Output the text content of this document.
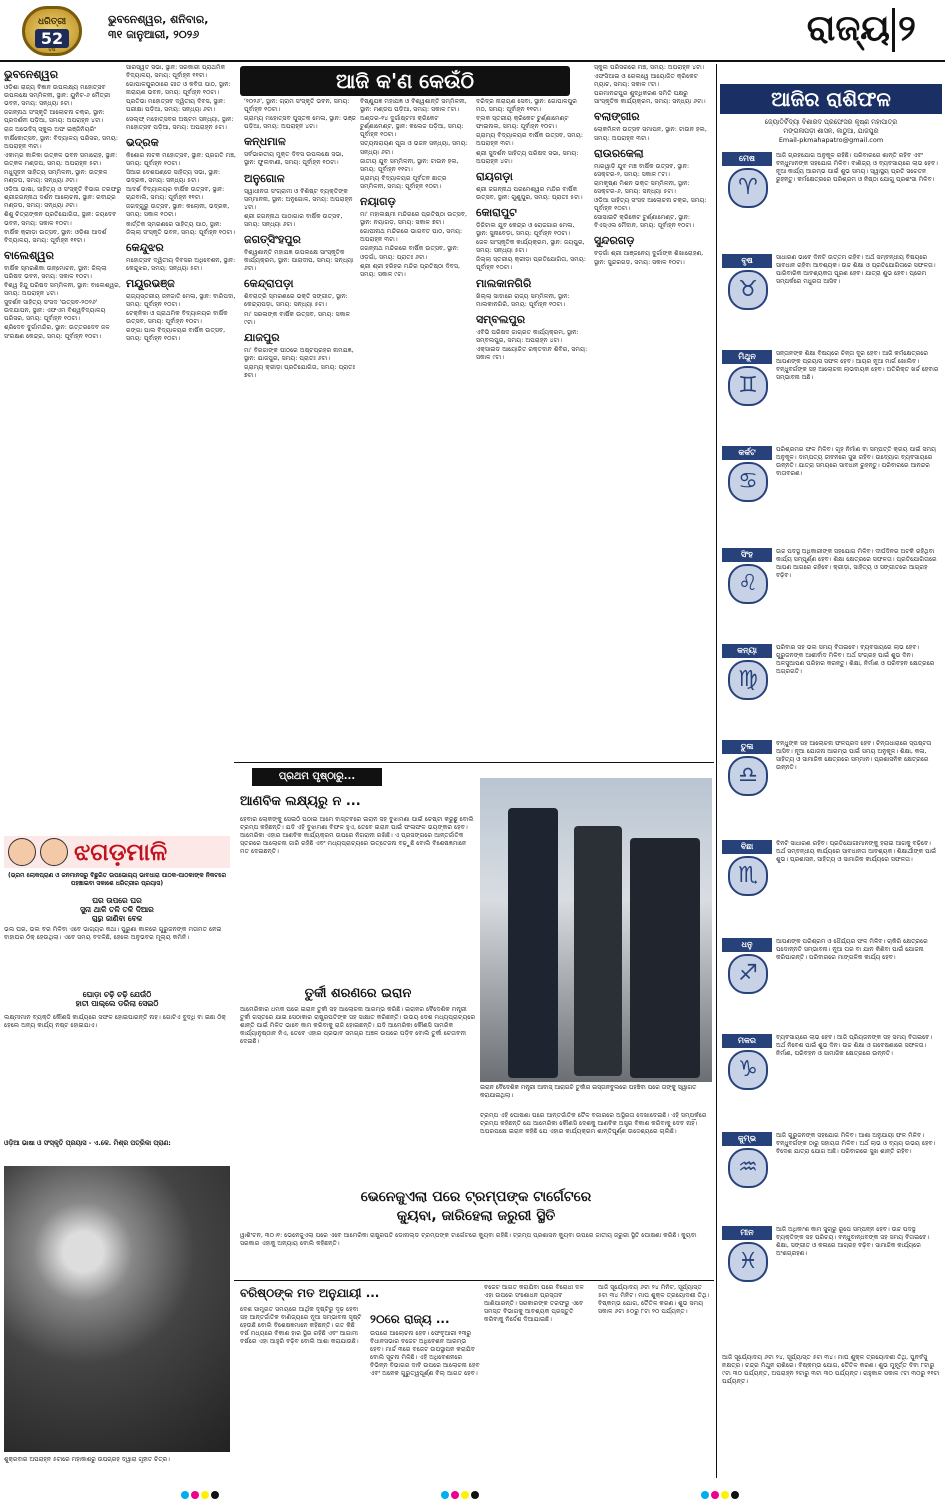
ଧରିତ୍ରୀ
52
ବର୍ଷ
ଭୁବନେଶ୍ୱର, ଶନିବାର,
୩୧ ଜାନୁଆରୀ, ୨୦୨୬	ରାଜ୍ୟ ୨
ଆଜି କ'ଣ କେଉଁଠି
ଭୁବନେଶ୍ୱର

ଓଡ଼ିଶା ରାଜ୍ୟ ବିଜ୍ଞାନ ଉପଲକ୍ଷ୍ୟ ମହୋତ୍ସବ ଉପଲକ୍ଷେ ସମ୍ମିଳନୀ, ସ୍ଥାନ: ୟୁନିଟ-୬ ମୈତ୍ରୀ ଭବନ, ସମୟ: ସନ୍ଧ୍ୟା ୫ଟା।

ଜଗନ୍ନାଥ ସଂସ୍କୃତି ଆଲୋଚନା ଚକ୍ର, ସ୍ଥାନ: ପ୍ରଦର୍ଶନୀ ପଡ଼ିଆ, ସମୟ: ଅପରାହ୍ନ ୪ଟା।

ରାଜ ଅଭେଦିସ୍ ସ୍କୁଲ ଅଫ ଇଞ୍ଜିନିୟରିଂ ବାର୍ଷିକୋତ୍ସବ, ସ୍ଥାନ: ବିଦ୍ୟାଳୟ ପରିସର, ସମୟ: ଅପରାହ୍ନ ୩ଟା।

ଏକାମ୍ର କାଳିକା ଉତ୍କଳ ଭବନ ସମାରୋହ, ସ୍ଥାନ: ଉତ୍କଳ ମଣ୍ଡପ, ସମୟ: ଅପରାହ୍ନ ୫ଟା।

ମଧୁସୂଦନ ସାହିତ୍ୟ ସମ୍ମିଳନୀ, ସ୍ଥାନ: ଉତ୍କଳ ମଣ୍ଡପ, ସମୟ: ସନ୍ଧ୍ୟା ୬ଟା।

ଓଡ଼ିଆ ଭାଷା, ସାହିତ୍ୟ ଓ ସଂସ୍କୃତି ବିଭାଗ ତରଫରୁ ଶ୍ରୀଜଗନ୍ନାଥ ଦର୍ଶନ ଆଲୋଚନା, ସ୍ଥାନ: ରବୀନ୍ଦ୍ର ମଣ୍ଡପ, ସମୟ: ସନ୍ଧ୍ୟା ୬ଟା।

ଶିଶୁ ଚିତ୍ରାଙ୍କନ ପ୍ରତିଯୋଗିତା, ସ୍ଥାନ: ଜୟଦେବ ଭବନ, ସମୟ: ସକାଳ ୧୦ଟା।

ବାର୍ଷିକ କ୍ରୀଡ଼ା ଉତ୍ସବ, ସ୍ଥାନ: ଓଡ଼ିଶା ଆଦର୍ଶ ବିଦ୍ୟାଳୟ, ସମୟ: ପୂର୍ବାହ୍ନ ୧୧ଟା।

ବାଲେଶ୍ୱର

ବାର୍ଷିକ ସ୍ମରଣିକା ଉନ୍ମୋଚନ, ସ୍ଥାନ: ଜିଲ୍ଲା ପରିଷଦ ଭବନ, ସମୟ: ସକାଳ ୧୦ଟା।

ବିଶ୍ୱ ହିନ୍ଦୁ ପରିଷଦ ସମ୍ମିଳନୀ, ସ୍ଥାନ: ବାଲେଶ୍ୱର, ସମୟ: ଅପରାହ୍ନ ୪ଟା।

ସୁଦର୍ଶନ ସାହିତ୍ୟ ସଂସଦ 'ଉତ୍ସବ-୨୦୨୬' ଉଦଯାପନ, ସ୍ଥାନ: ଏଫଏମ ବିଶ୍ୱବିଦ୍ୟାଳୟ ପରିସର, ସମୟ: ପୂର୍ବାହ୍ନ ୧୦ଟା।

ଶ୍ରିଦେବ ଦୁର୍ଗାମନ୍ଦିର, ସ୍ଥାନ: ଉତ୍ତରଦେବ ଜଳ ସଂରକ୍ଷଣ କେନ୍ଦ୍ର, ସମୟ: ପୂର୍ବାହ୍ନ ୧୦ଟା।

ସାରସ୍ୱତ ସଭା, ସ୍ଥାନ: ସରକାରୀ ପ୍ରାଥମିକ ବିଦ୍ୟାଳୟ, ସମୟ: ପୂର୍ବାହ୍ନ ୧୧ଟା।

ଗୋପାଳପୁରଠାରେ ଗୀତ ଓ କବିତା ପାଠ, ସ୍ଥାନ: ନାରାୟଣ ଭବନ, ସମୟ: ପୂର୍ବାହ୍ନ ୧୦ଟା।

ପ୍ରତିଭା ମହୋତ୍ସବ ଦ୍ୱିତୀୟ ଦିବସ, ସ୍ଥାନ: ପରୀକ୍ଷା ପଡ଼ିଆ, ସମୟ: ସନ୍ଧ୍ୟା ୬ଟା।

ସେଲ୍ଫ୍ ମହୋତ୍ସବର ଅଷ୍ଟମ ସନ୍ଧ୍ୟା, ସ୍ଥାନ: ମହୋତ୍ସବ ପଡ଼ିଆ, ସମୟ: ଅପରାହ୍ନ ୫ଟା।

ଭଦ୍ରକ

କିଶୋର ନାଟକ ମହୋତ୍ସବ, ସ୍ଥାନ: ପ୍ରଗତି ମଞ୍ଚ, ସମୟ: ପୂର୍ବାହ୍ନ ୧୦ଟା।

ସିଆର ଦେଶପଣ୍ଡେ ସାହିତ୍ୟ ସଭା, ସ୍ଥାନ: ଭଦ୍ରକ, ସମୟ: ସନ୍ଧ୍ୟା ୫ଟା।

ଆଦର୍ଶ ବିଦ୍ୟାଳୟର ବାର୍ଷିକ ଉତ୍ସବ, ସ୍ଥାନ: ଚାନ୍ଦବାଲି, ସମୟ: ପୂର୍ବାହ୍ନ ୧୧ଟା।

ଜଗଦ୍ଗୁରୁ ଉତ୍ସବ, ସ୍ଥାନ: କଲୋନୀ, ଭଦ୍ରକ, ସମୟ: ସକାଳ ୧୦ଟା।

କାର୍ତ୍ତିକ ସ୍ମରଣରେ ସାହିତ୍ୟ ପାଠ, ସ୍ଥାନ: ଜିଲ୍ଲା ସଂସ୍କୃତି ଭବନ, ସମୟ: ପୂର୍ବାହ୍ନ ୧୦ଟା।

କେନ୍ଦୁଝର

ମହୋତ୍ସବ ଦ୍ୱିତୀୟ ଦିବସର ଅଧିବେଶନ, ସ୍ଥାନ: କେନ୍ଦୁଝର, ସମୟ: ସନ୍ଧ୍ୟା ୫ଟା।

ମୟୂରଭଞ୍ଜ

ରାଜ୍ୟସ୍ତରୀୟ ଜନଜାତି ମେଳା, ସ୍ଥାନ: ବାରିପଦା, ସମୟ: ପୂର୍ବାହ୍ନ ୧୦ଟା।

ଟେକ୍ନିକା ଓ ପ୍ରାଥମିକ ବିଦ୍ୟାଳୟର ବାର୍ଷିକ ଉତ୍ସବ, ସମୟ: ପୂର୍ବାହ୍ନ ୧୦ଟା।

ରଙ୍ଗା ପାଲ ବିଦ୍ୟାଳୟର ବାର୍ଷିକ ଉତ୍ସବ, ସମୟ: ପୂର୍ବାହ୍ନ ୧୦ଟା।

'୨୦୨୬', ସ୍ଥାନ: ଗ୍ରାମ ସଂସ୍କୃତି ଭବନ, ସମୟ: ପୂର୍ବାହ୍ନ ୧୦ଟା।

ଗ୍ରାମ୍ୟ ମହୋତ୍ସବ ପୁସ୍ତକ ମେଳା, ସ୍ଥାନ: ଭଞ୍ଜ ପଡ଼ିଆ, ସମୟ: ଅପରାହ୍ନ ୪ଟା।

କନ୍ଧମାଳ

ସର୍ବଭାରତୀୟ ମୁକ୍ତ ଦିବସ ଉପଲକ୍ଷେ ସଭା, ସ୍ଥାନ: ଫୁଲବାଣୀ, ସମୟ: ପୂର୍ବାହ୍ନ ୧୦ଟା।

ଅନୁଗୋଳ

ସ୍ୱାଧୀନତା ସଂଗ୍ରାମୀ ଓ ବିଶିଷ୍ଟ ବ୍ୟକ୍ତିଙ୍କ ସମ୍ମାନନା, ସ୍ଥାନ: ଅନୁଗୋଳ, ସମୟ: ଅପରାହ୍ନ ୪ଟା।

ଶ୍ରୀ ଜଗନ୍ନାଥ ପାଠାଗାର ବାର୍ଷିକ ଉତ୍ସବ, ସମୟ: ସନ୍ଧ୍ୟା ୬ଟା।

ଜଗତ୍‌ସିଂହପୁର

ବିଶ୍ୱଶାନ୍ତି ମହାଯଜ୍ଞ ଉପଲକ୍ଷେ ସାଂସ୍କୃତିକ କାର୍ଯ୍ୟକ୍ରମ, ସ୍ଥାନ: ପାରାଦୀପ, ସମୟ: ସନ୍ଧ୍ୟା ୬ଟା।

କେନ୍ଦ୍ରାପଡ଼ା

ଶିବରାତ୍ରି ସ୍ମରଣରେ ଭକ୍ତି ସଙ୍ଗୀତ, ସ୍ଥାନ: କେନ୍ଦ୍ରାପଡ଼ା, ସମୟ: ସନ୍ଧ୍ୟା ୫ଟା।

ମା' ସରଳାଙ୍କ ବାର୍ଷିକ ଉତ୍ସବ, ସମୟ: ସକାଳ ୯ଟା।

ଯାଜପୁର

ମା' ବିରଜାଙ୍କ ପୀଠରେ ଅଷ୍ଟପ୍ରହର ନାମଯଜ୍ଞ, ସ୍ଥାନ: ଯାଜପୁର, ସମୟ: ପ୍ରାତଃ ୬ଟା।

ଗ୍ରାମ୍ୟ କ୍ରୀଡ଼ା ପ୍ରତିଯୋଗିତା, ସମୟ: ପ୍ରାତଃ ୭ଟା।

ବିଷ୍ଣୁଯଜ୍ଞ ମହାଯଜ୍ଞ ଓ ବିଶ୍ୱଶାନ୍ତି ସମ୍ମିଳନୀ, ସ୍ଥାନ: ମଣ୍ଡପ ପଡ଼ିଆ, ସମୟ: ସକାଳ ୮ଟା।

ଅଣ୍ଡର-୧୪ ଦୁର୍ଗାଷ୍ଟମୀ କ୍ରିକେଟ ଟୁର୍ଣ୍ଣାମେଣ୍ଟ, ସ୍ଥାନ: କଲେଜ ପଡ଼ିଆ, ସମୟ: ପୂର୍ବାହ୍ନ ୧୦ଟା।

ସତ୍ୟନାରାୟଣ ପୂଜା ଓ ଭଜନ ସନ୍ଧ୍ୟା, ସମୟ: ସନ୍ଧ୍ୟା ୬ଟା।

ଜାତୀୟ ଯୁବ ସମ୍ମିଳନୀ, ସ୍ଥାନ: ଟାଉନ ହଲ, ସମୟ: ପୂର୍ବାହ୍ନ ୧୧ଟା।

ଗ୍ରାମ୍ୟ ବିଦ୍ୟାଳୟର ପୂର୍ବତନ ଛାତ୍ର ସମ୍ମିଳନୀ, ସମୟ: ପୂର୍ବାହ୍ନ ୧୦ଟା।

ନୟାଗଡ଼

ମା' ମହାଲକ୍ଷ୍ମୀ ମନ୍ଦିରରେ ପ୍ରତିଷ୍ଠା ଉତ୍ସବ, ସ୍ଥାନ: ନୟାଗଡ଼, ସମୟ: ସକାଳ ୭ଟା।

ଗୋପୀନାଥ ମନ୍ଦିରରେ ଭାଗବତ ପାଠ, ସମୟ: ଅପରାହ୍ନ ୩ଟା।

ଜଗନ୍ନାଥ ମନ୍ଦିରରେ ବାର୍ଷିକ ଉତ୍ସବ, ସ୍ଥାନ: ଓଡ଼ଗାଁ, ସମୟ: ପ୍ରାତଃ ୬ଟା।

ଶ୍ରୀ ଶ୍ରୀ ହରିହର ମନ୍ଦିର ପ୍ରତିଷ୍ଠା ଦିବସ, ସମୟ: ସକାଳ ୯ଟା।

ଦରିଦ୍ର ନାରାୟଣ ସେବା, ସ୍ଥାନ: ଗୋପାଳପୁର ମଠ, ସମୟ: ପୂର୍ବାହ୍ନ ୧୧ଟା।

ବ୍ଲକ ସ୍ତରୀୟ କ୍ରିକେଟ ଟୁର୍ଣ୍ଣାମେଣ୍ଟ ଫାଇନାଲ, ସମୟ: ପୂର୍ବାହ୍ନ ୧୦ଟା।

ଗ୍ରାମ୍ୟ ବିଦ୍ୟାଳୟର ବାର୍ଷିକ ଉତ୍ସବ, ସମୟ: ଅପରାହ୍ନ ୩ଟା।

ଶ୍ରୀ ସୁଦର୍ଶନ ସାହିତ୍ୟ ପରିଷଦ ସଭା, ସମୟ: ଅପରାହ୍ନ ୪ଟା।

ରାୟଗଡ଼ା

ଶ୍ରୀ ଜଗନ୍ନାଥ ପରମେଶ୍ୱର ମନ୍ଦିର ବାର୍ଷିକ ଉତ୍ସବ, ସ୍ଥାନ: ଗୁଣୁପୁର, ସମୟ: ପ୍ରାତଃ ୫ଟା।

କୋରାପୁଟ

ଡିଜିଟାଲ ଯୁବ କେନ୍ଦ୍ର ଓ ରୋଜଗାର ମେଳା, ସ୍ଥାନ: ସୁନାବେଡ଼ା, ସମୟ: ପୂର୍ବାହ୍ନ ୧୦ଟା।

ଜେଳ ସାଂସ୍କୃତିକ କାର୍ଯ୍ୟକ୍ରମ, ସ୍ଥାନ: ଜୟପୁର, ସମୟ: ସନ୍ଧ୍ୟା ୫ଟା।

ଜିଲ୍ଲା ସ୍ତରୀୟ କ୍ରୀଡ଼ା ପ୍ରତିଯୋଗିତା, ସମୟ: ପୂର୍ବାହ୍ନ ୧୦ଟା।

ମାଲକାନଗିରି

ଖିଲ୍ଲା ସାଦାରେ ରାଜ୍ୟ ସମ୍ମିଳନୀ, ସ୍ଥାନ: ମାଲକାନଗିରି, ସମୟ: ପୂର୍ବାହ୍ନ ୧୦ଟା।

ସମ୍ବଲପୁର

ଏବିଭି ପରିଷଦ ଜାଗ୍ରତ କାର୍ଯ୍ୟକ୍ରମ, ସ୍ଥାନ: ସମ୍ବଲପୁର, ସମୟ: ଅପରାହ୍ନ ୪ଟା।

ଏକ୍ସାଇଡ ଆୟୋଜିତ ରକ୍ତଦାନ ଶିବିର, ସମୟ: ସକାଳ ୯ଟା।

ସ୍କୁଲ ପରିସରରେ ମଞ୍ଚ, ସମୟ: ଅପରାହ୍ନ ୪ଟା।

ଏଫସିଆଇ ଓ ରେଲୱେ ଆୟୋଜିତ କ୍ରିକେଟ ମ୍ୟାଚ, ସମୟ: ସକାଳ ୯ଟା।

ପରମାନନ୍ଦପୁର ଶୁଦ୍ଧିକରଣ ସମିତି ପକ୍ଷରୁ ସାଂସ୍କୃତିକ କାର୍ଯ୍ୟକ୍ରମ, ସମୟ: ସନ୍ଧ୍ୟା ୬ଟା।

ବଲାଙ୍ଗୀର

ଲୋକମିଳନ ଉତ୍ସବ ସମାପନ, ସ୍ଥାନ: ଟାଉନ ହଲ, ସମୟ: ଅପରାହ୍ନ ୩ଟା।

ରାଉରକେଲା

ମାରୱାଡ଼ି ଯୁବ ମଞ୍ଚ ବାର୍ଷିକ ଉତ୍ସବ, ସ୍ଥାନ: ସେକ୍ଟର-୨, ସମୟ: ସକାଳ ୮ଟା।

ରାମକୃଷ୍ଣ ମିଶନ ଭକ୍ତ ସମ୍ମିଳନୀ, ସ୍ଥାନ: ସେକ୍ଟର-୬, ସମୟ: ସନ୍ଧ୍ୟା ୫ଟା।

ଓଡ଼ିଆ ସାହିତ୍ୟ ସଂସଦ ଆଲୋଚନା ଚକ୍ର, ସମୟ: ପୂର୍ବାହ୍ନ ୧୦ଟା।

ସୋସାଇଟି କ୍ରିକେଟ ଟୁର୍ଣ୍ଣାମେଣ୍ଟ, ସ୍ଥାନ: ବିଏସ୍ଏଲ ମୈଦାନ, ସମୟ: ପୂର୍ବାହ୍ନ ୧୦ଟା।

ସୁନ୍ଦରଗଡ଼

ବଡ଼ଗାଁ ଶ୍ରୀ ଆଞ୍ଜନେୟ ଦୁର୍ଗାଙ୍କ ଶିଖାରୋହଣ, ସ୍ଥାନ: ସୁନ୍ଦରଗଡ଼, ସମୟ: ସକାଳ ୧୦ଟା।

ଝଗଡ଼ମାଳି
(ଭ୍ରମ ଲୋକପ୍ରାଣ ଓ ଜନମାନସରୁ ବିଛୁରିତ ଉପଭୋଗ୍ୟ ଭାବଧାରା ପାଠକ-ପାଠକାଙ୍କ ନିକଟରେ ପହଞ୍ଚାଇବା ସକାଶେ ଧରିତ୍ରୀର ପ୍ରୟାସ)
ଘର ଉପରେ ଘର
ସୁନା ଥାଳି ତଳି ତଳି ଦିଆର
ଗୁରୁ ଜାଣିବା ବେଳ
ଭଲ ଘର, ଭଲ ବର ମିଳିବା ଏବେ ଭାଗ୍ୟର କଥା। ପୁରୁଣା କାଳରେ ଗୁରୁଜନଙ୍କ ମତାମତ ନେଇ ବାହାଘର ଠିକ୍ ହେଉଥିଲା। ଏବେ ସମୟ ବଦଳିଛି, ହେଲେ ଅନୁଭବର ମୂଲ୍ୟ କମିନି।
ଘୋଡ଼ା ଚଢ଼ି ଚଢ଼ି ଯେଉଁଠି
ହାତୀ ପାଲ୍ଲେ ଡରିଲା ସେଇଠି
ଲକ୍ଷ୍ମୀମାନ ବ୍ୟକ୍ତି କୌଣସି କାର୍ଯ୍ୟରେ ସଫଳ ହୋଇପାରନ୍ତି ନାହିଁ। ଗୋଟିଏ ବୁଦ୍ଧି ବା ଇଛା ଠିକ୍ ହେଲେ ଅନ୍ୟ କାର୍ଯ୍ୟ ନଷ୍ଟ ହୋଇଯାଏ।
ଓଡ଼ିଆ ଭାଷା ଓ ସଂସ୍କୃତି ପ୍ରୟାସ - ଏ.କେ. ମିଶ୍ର ପତ୍ରିକା ପ୍ରାଣ:
ଶୁକ୍ରବାର ଅପରାହ୍ନ ୫ଟାରେ ମହାକାଶରୁ ଉପଗ୍ରହ ଦ୍ୱାରା ଗୃହୀତ ଚିତ୍ର।
ପ୍ରଥମ ପୃଷ୍ଠାରୁ...
ଆଣବିକ ଲକ୍ଷ୍ୟରୁ ନ ...
ହେବାର ଲୋକଙ୍କୁ ସେଇଠି ପଠାଇ ଆମେ ବାସ୍ତବରେ ଇରାନ ସହ ବୁଝାମଣା ପାଇଁ ଚେଷ୍ଟା କରୁଛୁ ବୋଲି ଟ୍ରମ୍ପ କହିଛନ୍ତି। ଯଦି ଏହି ବୁଝାମଣା ବିଫଳ ହୁଏ, ତେବେ ଇରାନ ପାଇଁ ଫଳାଫଳ ଭୟଙ୍କର ହେବ। ଆମେରିକା ଏହାର ଆଣବିକ କାର୍ଯ୍ୟକ୍ରମ ଉପରେ ନିଗରାନୀ ରଖିଛି। ଏ ପ୍ରସଙ୍ଗରେ ଆନ୍ତର୍ଜାତିକ ସ୍ତରରେ ଆଲୋଚନା ଜାରି ରହିଛି ଏବଂ ମଧ୍ୟପ୍ରାଚ୍ୟରେ ଉତ୍ତେଜନା ବଢ଼ୁଛି ବୋଲି ବିଶେଷଜ୍ଞମାନେ ମତ ଦେଇଛନ୍ତି।
ତୁର୍କୀ ଶରଣରେ ଇରାନ
ଆମେରିକାର ଧମକ ପରେ ଇରାନ ତୁର୍କୀ ସହ ଆଲୋଚନା ଆରମ୍ଭ କରିଛି। ଇରାନର ବୈଦେଶିକ ମନ୍ତ୍ରୀ ତୁର୍କୀ ଗସ୍ତରେ ଯାଇ ସେଠାକାର ରାଷ୍ଟ୍ରପତିଙ୍କ ସହ ସାକ୍ଷାତ କରିଛନ୍ତି। ଉଭୟ ଦେଶ ମଧ୍ୟପ୍ରାଚ୍ୟରେ ଶାନ୍ତି ପାଇଁ ମିଳିତ ଭାବେ କାମ କରିବାକୁ ରାଜି ହୋଇଛନ୍ତି। ଯଦି ଆମେରିକା କୌଣସି ସାମରିକ କାର୍ଯ୍ୟାନୁଷ୍ଠାନ ନିଏ, ତେବେ ଏହାର ପ୍ରଭାବ ସମଗ୍ର ଅଞ୍ଚଳ ଉପରେ ପଡ଼ିବ ବୋଲି ତୁର୍କୀ ଚେତାବନୀ ଦେଇଛି।
ଇରାନ ବୈଦେଶିକ ମନ୍ତ୍ରୀ ଆବାସ୍ ଆରାଗଚି ତୁର୍କୀର ଇସ୍ତାନବୁଲରେ ପହଞ୍ଚିବା ପରେ ତାଙ୍କୁ ସ୍ୱାଗତ କରାଯାଇଥିଲା।
ଟ୍ରମ୍ପ ଏହି ଘୋଷଣା ପରେ ଆନ୍ତର୍ଜାତିକ ତୈଳ ବଜାରରେ ଅସ୍ଥିରତା ଦେଖାଦେଇଛି। ଏହି ସମ୍ପର୍କରେ ଟ୍ରମ୍ପ କହିଛନ୍ତି ଯେ ଆମେରିକା କୌଣସି ଦେଶକୁ ଆଣବିକ ଅସ୍ତ୍ର ବିକାଶ କରିବାକୁ ଦେବ ନାହିଁ। ଅପରପକ୍ଷେ ଇରାନ କହିଛି ଯେ ଏହାର କାର୍ଯ୍ୟକ୍ରମ ଶାନ୍ତିପୂର୍ଣ୍ଣ ଉଦ୍ଦେଶ୍ୟରେ ଚାଲିଛି।
ଭେନେଜୁଏଲା ପରେ ଟ୍ରମ୍ପଙ୍କ ଟାର୍ଗେଟରେ
କ୍ୟୁବା, ଜାରିହେଲା ଜରୁରୀ ସ୍ଥିତି
ୱାଶିଂଟନ, ୩୦।୧: ଭେନେଜୁଏଲା ପରେ ଏବେ ଆମେରିକା ରାଷ୍ଟ୍ରପତି ଡୋନାଲ୍ଡ ଟ୍ରମ୍ପଙ୍କ ଟାର୍ଗେଟରେ କ୍ୟୁବା ରହିଛି। ଟ୍ରମ୍ପ ପ୍ରଶାସନ କ୍ୟୁବା ଉପରେ ଜାତୀୟ ଜରୁରୀ ସ୍ଥିତି ଘୋଷଣା କରିଛି। କ୍ୟୁବା ସରକାର ଏହାକୁ ଅନ୍ୟାୟ ବୋଲି କହିଛନ୍ତି।
ବରିଷ୍ଠଙ୍କ ମତ ଅନୁଯାୟୀ ...
ଦେଶ ସାମ୍ପ୍ରତ ସମୟରେ ଆର୍ଥିକ ଦୃଷ୍ଟିରୁ ଦୃଢ଼ ହେବା ସହ ଆନ୍ତର୍ଜାତିକ ବାଣିଜ୍ୟରେ ନୂଆ ସମ୍ଭାବନା ସୃଷ୍ଟି ହେଉଛି ବୋଲି ବିଶେଷଜ୍ଞମାନେ କହିଛନ୍ତି। ଗତ କିଛି ବର୍ଷ ମଧ୍ୟରେ ବିକାଶ ହାର ସ୍ଥିର ରହିଛି ଏବଂ ଆଗାମୀ ବର୍ଷରେ ଏହା ଆହୁରି ବଢ଼ିବ ବୋଲି ଆଶା କରାଯାଉଛି।
୨୦ରେ ରାଜ୍ୟ ...
ଉପରେ ଆଲୋଚନା ହେବ। ଫେବୃଆରୀ ୧୩ରୁ ବିଧାନସଭାର ବଜେଟ ଅଧିବେଶନ ଆରମ୍ଭ ହେବ। ମାର୍ଚ୍ଚ ୩ରେ ବଜେଟ ଉପସ୍ଥାପନ କରାଯିବ ବୋଲି ସୂଚନା ମିଳିଛି। ଏହି ଅଧିବେଶନରେ ବିଭିନ୍ନ ବିଭାଗର ଦାବି ଉପରେ ଆଲୋଚନା ହେବ ଏବଂ ଅନେକ ଗୁରୁତ୍ୱପୂର୍ଣ୍ଣ ବିଲ୍ ଆଗତ ହେବ।
ବଜେଟ ଆଗତ କରାଯିବା ପରେ ବିରୋଧୀ ଦଳ ଏହା ଉପରେ ସଂଶୋଧନ ପ୍ରସ୍ତାବ ଆଣିପାରନ୍ତି। ସରକାରଙ୍କ ତରଫରୁ ଏବେ ସମସ୍ତ ବିଭାଗକୁ ଆବଶ୍ୟକ ପ୍ରସ୍ତୁତି କରିବାକୁ ନିର୍ଦ୍ଦେଶ ଦିଆଯାଇଛି।
ଆଜି ସୂର୍ଯ୍ୟୋଦୟ ୬ଟା ୨୪ ମିନିଟ, ସୂର୍ଯ୍ୟାସ୍ତ ୫ଟା ୩୪ ମିନିଟ। ମାଘ ଶୁକ୍ଳ ତ୍ରୟୋଦଶୀ ତିଥି। ବିଷ୍କମ୍ଭ ଯୋଗ, ତୈତିଳ କରଣ। ଶୁଭ ସମୟ ସକାଳ ୬ଟା ୫୦ରୁ ୮ଟା ୨୦ ପର୍ଯ୍ୟନ୍ତ।
ଆଜିର ରାଶିଫଳ
ଜ୍ୟୋତିର୍ବିଦ୍ୟା ବିଶାରଦ ପ୍ରଫେସର କୃଷ୍ଣ ମହାପାତ୍ର
ମଙ୍ଗଳାପଡ଼ୀ ଶାସନ, କାଠୁଆ, ଯାଜପୁର
Email-pkmahapatro@gmail.com
ମେଷ
♈
ଆଜି ଗ୍ରହଯୋଗ ଅନୁକୂଳ ରହିଛି। ପରିବାରରେ ଶାନ୍ତି ରହିବ ଏବଂ ବନ୍ଧୁମାନଙ୍କ ସହଯୋଗ ମିଳିବ। ବାଣିଜ୍ୟ ଓ ବ୍ୟବସାୟରେ ଲାଭ ହେବ। ନୂଆ କାର୍ଯ୍ୟ ଆରମ୍ଭ ପାଇଁ ଶୁଭ ସମୟ। ସ୍ୱାସ୍ଥ୍ୟ ପ୍ରତି ସଚେତନ ରୁହନ୍ତୁ। କର୍ମକ୍ଷେତ୍ରରେ ପରିଶ୍ରମ ଓ ନିଷ୍ଠା ଯୋଗୁ ପ୍ରଶଂସା ମିଳିବ।
ବୃଷ
♉
ସାଧାରଣ ଭାବେ ଦିନଟି ଉତ୍ତମ ରହିବ। ଅର୍ଥ ସମ୍ବନ୍ଧୀୟ ବିଷୟରେ ସାବଧାନ ରହିବା ଆବଶ୍ୟକ। ଉଚ୍ଚ ଶିକ୍ଷା ଓ ପ୍ରତିଯୋଗିତାରେ ସଫଳତା। ପାରିବାରିକ ଆବଶ୍ୟକତା ପୂରଣ ହେବ। ଯାତ୍ରା ଶୁଭ ହେବ। ପ୍ରେମ ସମ୍ପର୍କରେ ମଧୁରତା ଆସିବ।
ମିଥୁନ
♊
ସନ୍ତାନଙ୍କ ଶିକ୍ଷା ବିଷୟରେ ଚିନ୍ତା ଦୂର ହେବ। ଆଜି କର୍ମକ୍ଷେତ୍ରରେ ଆପଣଙ୍କ ପ୍ରୟାସ ସଫଳ ହେବ। ଆୟର ନୂଆ ମାର୍ଗ ଖୋଲିବ। ବନ୍ଧୁବର୍ଗଙ୍କ ସହ ଆଲୋଚନା ଲାଭଦାୟକ ହେବ। ଅତିରିକ୍ତ ଖର୍ଚ୍ଚ ହେବାର ସମ୍ଭାବନା ଅଛି।
କର୍କଟ
♋
ପରିଶ୍ରମର ଫଳ ମିଳିବ। ଗୃହ ନିର୍ମାଣ ବା ସମ୍ପତ୍ତି କ୍ରୟ ପାଇଁ ସମୟ ଅନୁକୂଳ। ଦାମ୍ପତ୍ୟ ଜୀବନରେ ସୁଖ ରହିବ। ଉଦ୍ୟୋଗ ବ୍ୟବସାୟରେ ଉନ୍ନତି। ଯାତ୍ରା ସମୟରେ ସାବଧାନ ରୁହନ୍ତୁ। ପରିବାରରେ ଆନନ୍ଦର ବାତାବରଣ।
ସିଂହ
♌
ଉଚ୍ଚ ପଦସ୍ଥ ଅଧିକାରୀଙ୍କ ସହଯୋଗ ମିଳିବ। ଦୀର୍ଘଦିନର ଅଟକି ରହିଥିବା କାର୍ଯ୍ୟ ସମ୍ପୂର୍ଣ୍ଣ ହେବ। ଶିକ୍ଷା କ୍ଷେତ୍ରରେ ସଫଳତା। ପ୍ରତିଯୋଗିତାରେ ଆପଣ ଆଗରେ ରହିବେ। କ୍ରୀଡ଼ା, ସାହିତ୍ୟ ଓ ସଙ୍ଗୀତରେ ଆଗ୍ରହ ବଢ଼ିବ।
କନ୍ୟା
♍
ପରିବାର ସହ ଭଲ ସମୟ ବିତାଇବେ। ବ୍ୟବସାୟରେ ଲାଭ ହେବ। ଗୁରୁଜନଙ୍କ ଆଶୀର୍ବାଦ ମିଳିବ। ଅର୍ଥ ସଂଗ୍ରହ ପାଇଁ ଶୁଭ ଦିନ। ଅଳସୁଆପଣ ପରିହାର କରନ୍ତୁ। ଶିକ୍ଷା, ନିର୍ମାଣ ଓ ପରିବହନ କ୍ଷେତ୍ରରେ ଅଗ୍ରଗତି।
ତୁଳା
♎
ବନ୍ଧୁଙ୍କ ସହ ଆଲୋଚନା ଫଳପ୍ରଦ ହେବ। ଚିନ୍ତାଧାରାରେ ସ୍ପଷ୍ଟତା ଆସିବ। ନୂଆ ଯୋଜନା ଆରମ୍ଭ ପାଇଁ ସମୟ ଅନୁକୂଳ। ଶିକ୍ଷା, କଳା, ସାହିତ୍ୟ ଓ ସାମାଜିକ କ୍ଷେତ୍ରରେ ସମ୍ମାନ। ପ୍ରଶାସନିକ କ୍ଷେତ୍ରରେ ଉନ୍ନତି।
ବିଛା
♏
ଦିନଟି ସାଧାରଣ ରହିବ। ପ୍ରତିଯୋଗୀମାନଙ୍କୁ ହରାଇ ଆଗକୁ ବଢ଼ିବେ। ଅର୍ଥ ସମ୍ବନ୍ଧୀୟ କାର୍ଯ୍ୟରେ ସାବଧାନତା ଆବଶ୍ୟକ। ଶିକ୍ଷାର୍ଥୀଙ୍କ ପାଇଁ ଶୁଭ। ପ୍ରଶାସନ, ସାହିତ୍ୟ ଓ ସାମାଜିକ କାର୍ଯ୍ୟରେ ସଫଳତା।
ଧନୁ
♐
ଆପଣଙ୍କ ପରିଶ୍ରମ ଓ ଧୈର୍ଯ୍ୟର ଫଳ ମିଳିବ। ଚାକିରି କ୍ଷେତ୍ରରେ ପଦୋନ୍ନତି ସମ୍ଭାବନା। ନୂଆ ଘର ବା ଯାନ କିଣିବା ପାଇଁ ଯୋଜନା କରିପାରନ୍ତି। ପରିବାରରେ ମାଙ୍ଗଳିକ କାର୍ଯ୍ୟ ହେବ।
ମକର
♑
ବ୍ୟବସାୟରେ ଲାଭ ହେବ। ଆଜି ପ୍ରିୟଜନଙ୍କ ସହ ସମୟ ବିତାଇବେ। ଅର୍ଥ ନିବେଶ ପାଇଁ ଶୁଭ ଦିନ। ଉଚ୍ଚ ଶିକ୍ଷା ଓ ଗବେଷଣାରେ ସଫଳତା। ନିର୍ମାଣ, ପରିବହନ ଓ ସାମାଜିକ କ୍ଷେତ୍ରରେ ଉନ୍ନତି।
କୁମ୍ଭ
♒
ଆଜି ଗୁରୁଜନଙ୍କ ସହଯୋଗ ମିଳିବ। ଆଶା ଅନୁଯାୟୀ ଫଳ ମିଳିବ। ବନ୍ଧୁବର୍ଗଙ୍କ ଠାରୁ ସହାୟତା ମିଳିବ। ଅର୍ଥ ଲାଭ ଓ ବ୍ୟୟ ଉଭୟ ହେବ। ବିଦେଶ ଯାତ୍ରା ଯୋଗ ଅଛି। ପରିବାରରେ ସୁଖ ଶାନ୍ତି ରହିବ।
ମୀନ
♓
ଆଜି ଅଧିକାଂଶ କାମ ସୁଚାରୁ ରୂପେ ସମ୍ପନ୍ନ ହେବ। ଉଚ୍ଚ ପଦସ୍ଥ ବ୍ୟକ୍ତିଙ୍କ ସହ ପରିଚୟ। ବନ୍ଧୁବାନ୍ଧବଙ୍କ ସହ ସମୟ ବିତାଇବେ। ଶିକ୍ଷା, ସଙ୍ଗୀତ ଓ କଳାରେ ଆଗ୍ରହ ବଢ଼ିବ। ସାମାଜିକ କାର୍ଯ୍ୟରେ ଅଂଶଗ୍ରହଣ।
ଆଜି ସୂର୍ଯ୍ୟୋଦୟ ୬ଟା ୨୪, ସୂର୍ଯ୍ୟାସ୍ତ ୫ଟା ୩୪। ମାଘ ଶୁକ୍ଳ ତ୍ରୟୋଦଶୀ ତିଥି, ପୁନର୍ବସୁ ନକ୍ଷତ୍ର। ଚନ୍ଦ୍ର ମିଥୁନ ରାଶିରେ। ବିଷ୍କମ୍ଭ ଯୋଗ, ତୈତିଳ କରଣ। ଶୁଭ ମୁହୂର୍ତ୍ତ ଦିବା ୮ଟାରୁ ୯ଟା ୩୦ ପର୍ଯ୍ୟନ୍ତ, ଅପରାହ୍ନ ୨ଟାରୁ ୩ଟା ୩୦ ପର୍ଯ୍ୟନ୍ତ। ରାହୁକାଳ ସକାଳ ୯ଟା ୩୦ରୁ ୧୧ଟା ପର୍ଯ୍ୟନ୍ତ।
